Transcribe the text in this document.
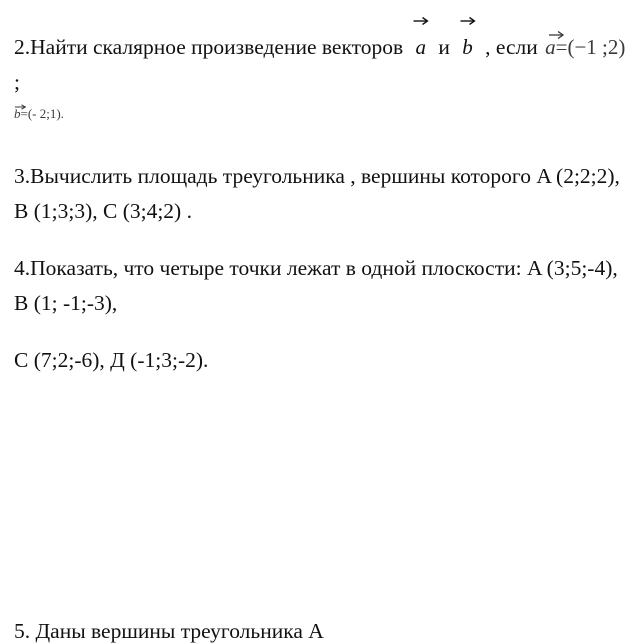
2.Найти скалярное произведение векторов a и b , если a=(−1 ;2) ;
b=(- 2;1).

3.Вычислить площадь треугольника , вершины которого A (2;2;2), B (1;3;3), C (3;4;2) .

4.Показать, что четыре точки лежат в одной плоскости: A (3;5;-4), B (1; -1;-3),

C (7;2;-6), Д (-1;3;-2).

5. Даны вершины треугольника A
